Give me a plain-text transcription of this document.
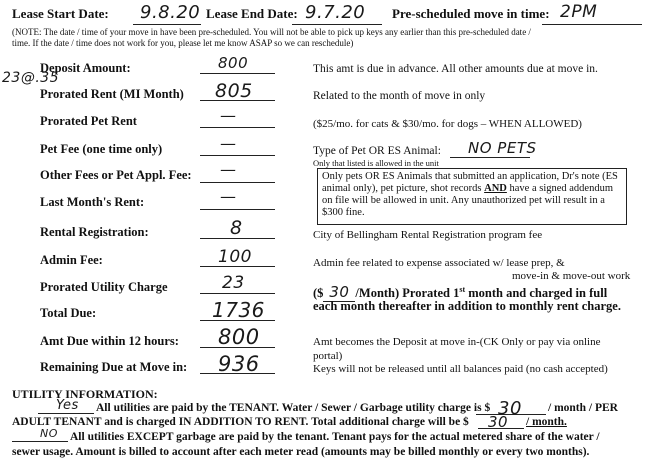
Lease Start Date: 9.8.20 Lease End Date: 9.7.20 Pre-scheduled move in time: 2PM
(NOTE: The date / time of your move in have been pre-scheduled. You will not be able to pick up keys any earlier than this pre-scheduled date /
time. If the date / time does not work for you, please let me know ASAP so we can reschedule)
23@.35
Deposit Amount:
Prorated Rent (MI Month)
Prorated Pet Rent
Pet Fee (one time only)
Other Fees or Pet Appl. Fee:
Last Month's Rent:
Rental Registration:
Admin Fee:
Prorated Utility Charge
Total Due:
Amt Due within 12 hours:
Remaining Due at Move in:
800
805
—
—
—
—
8
100
23
1736
800
936
This amt is due in advance. All other amounts due at move in.
Related to the month of move in only
($25/mo. for cats & $30/mo. for dogs – WHEN ALLOWED)
Type of Pet OR ES Animal: NO PETS
Only that listed is allowed in the unit
Only pets OR ES Animals that submitted an application, Dr's note (ES animal only), pet picture, shot records AND have a signed addendum on file will be allowed in unit. Any unauthorized pet will result in a $300 fine.
City of Bellingham Rental Registration program fee
Admin fee related to expense associated w/ lease prep, &
move-in & move-out work
($ 30 /Month) Prorated 1st month and charged in full
each month thereafter in addition to monthly rent charge.
Amt becomes the Deposit at move in-(CK Only or pay via online
portal)
Keys will not be released until all balances paid (no cash accepted)
UTILITY INFORMATION:
Yes All utilities are paid by the TENANT. Water / Sewer / Garbage utility charge is $ 30 / month / PER
ADULT TENANT and is charged IN ADDITION TO RENT. Total additional charge will be $ 30 / month.
NO All utilities EXCEPT garbage are paid by the tenant. Tenant pays for the actual metered share of the water /
sewer usage. Amount is billed to account after each meter read (amounts may be billed monthly or every two months).
